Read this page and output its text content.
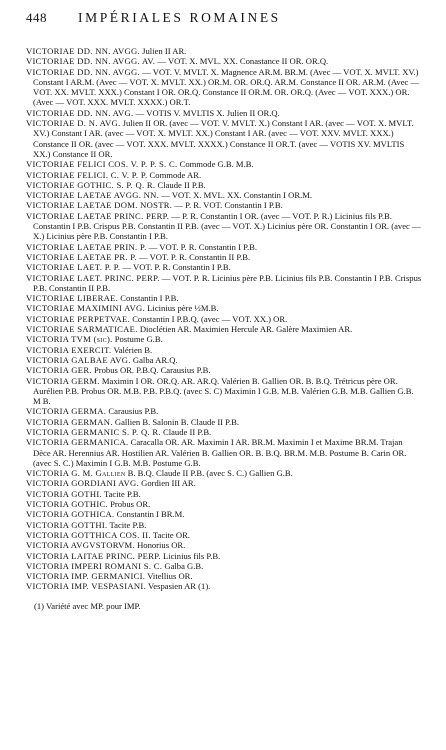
448	IMPÉRIALES ROMAINES
VICTORIAE DD. NN. AVGG. Julien II AR.
VICTORIAE DD. NN. AVGG. AV. — VOT. X. MVL. XX. Conastance II OR. OR.Q.
VICTORIAE DD. NN. AVGG. — VOT. V. MVLT. X. Magnence AR.M. BR.M. (Avec — VOT. X. MVLT. XV.) Constant I AR.M. (Avec — VOT. X. MVLT. XX.) OR.M. OR. OR.Q. AR.M. Constance II OR. AR.M. (Avec — VOT. XX. MVLT. XXX.) Constant I OR. OR.Q. Constance II OR.M. OR. OR.Q. (Avec — VOT. XXX.) OR. (Avec — VOT. XXX. MVLT. XXXX.) OR.T.
VICTORIAE DD. NN. AVG. — VOTIS V. MVLTIS X. Julien II OR.Q.
VICTORIAE D. N. AVG. Julien II OR. (avec — VOT. V. MVLT. X.) Constant I AR. (avec — VOT. X. MVLT. XV.) Constant I AR. (avec — VOT. X. MVLT. XX.) Constant I AR. (avec — VOT. XXV. MVLT. XXX.) Constance II OR. (avec — VOT. XXX. MVLT. XXXX.) Constance II OR.T. (avec — VOTIS XV. MVLTIS XX.) Constance II OR.
VICTORIAE FELICI COS. V. P. P. S. C. Commode G.B. M.B.
VICTORIAE FELICI. C. V. P. P. Commode AR.
VICTORIAE GOTHIC. S. P. Q. R. Claude II P.B.
VICTORIAE LAETAE AVGG. NN. — VOT. X. MVL. XX. Constantin I OR.M.
VICTORIAE LAETAE DOM. NOSTR. — P. R. VOT. Constantin I P.B.
VICTORIAE LAETAE PRINC. PERP. — P. R. Constantin I OR. (avec — VOT. P. R.) Licinius fils P.B. Constantin I P.B. Crispus P.B. Constantin II P.B. (avec — VOT. X.) Licinius père OR. Constantin I OR. (avec — X.) Licinius père P.B. Constantin I P.B.
VICTORIAE LAETAE PRIN. P. — VOT. P. R. Constantin I P.B.
VICTORIAE LAETAE PR. P. — VOT. P. R. Constantin II P.B.
VICTORIAE LAET. P. P. — VOT. P. R. Constantin I P.B.
VICTORIAE LAET. PRINC. PERP. — VOT. P. R. Licinius père P.B. Licinius fils P.B. Constantin I P.B. Crispus P.B. Constantin II P.B.
VICTORIAE LIBERAE. Constantin I P.B.
VICTORIAE MAXIMINI AVG. Licinius père ½M.B.
VICTORIAE PERPETVAE. Constantin I P.B.Q. (avec — VOT. XX.) OR.
VICTORIAE SARMATICAE. Dioclétien AR. Maximien Hercule AR. Galère Maximien AR.
VICTORIA TVM (sic). Postume G.B.
VICTORIA EXERCIT. Valérien B.
VICTORIA GALBAE AVG. Galba AR.Q.
VICTORIA GER. Probus OR. P.B.Q. Carausius P.B.
VICTORIA GERM. Maximin I OR. OR.Q. AR. AR.Q. Valérien B. Gallien OR. B. B.Q. Trétricus père OR. Aurélien P.B. Probus OR. M.B. P.B. P.B.Q. (avec S. C) Maximin I G.B. M.B. Valérien G.B. M.B. Gallien G.B. M B.
VICTORIA GERMA. Carausius P.B.
VICTORIA GERMAN. Gallien B. Salonin B. Claude II P.B.
VICTORIA GERMANIC S. P. Q. R. Claude II P.B.
VICTORIA GERMANICA. Caracalla OR. AR. Maximin I AR. BR.M. Maximin I et Maxime BR.M. Trajan Dèce AR. Herennius AR. Hostilien AR. Valérien B. Gallien OR. B. B.Q. BR.M. M.B. Postume B. Carin OR. (avec S. C.) Maximin I G.B. M.B. Postume G.B.
VICTORIA G. M. Gallien B. B.Q. Claude II P.B. (avec S. C.) Gallien G.B.
VICTORIA GORDIANI AVG. Gordien III AR.
VICTORIA GOTHI. Tacite P.B.
VICTORIA GOTHIC. Probus OR.
VICTORIA GOTHICA. Constantin I BR.M.
VICTORIA GOTTHI. Tacite P.B.
VICTORIA GOTTHICA COS. II. Tacite OR.
VICTORIA AVGVSTORVM. Honorius OR.
VICTORIA LAITAE PRINC. PERP. Licinius fils P.B.
VICTORIA IMPERI ROMANI S. C. Galba G.B.
VICTORIA IMP. GERMANICI. Vitellius OR.
VICTORIA IMP. VESPASIANI. Vespasien AR (1).
(1) Variété avec MP. pour IMP.
